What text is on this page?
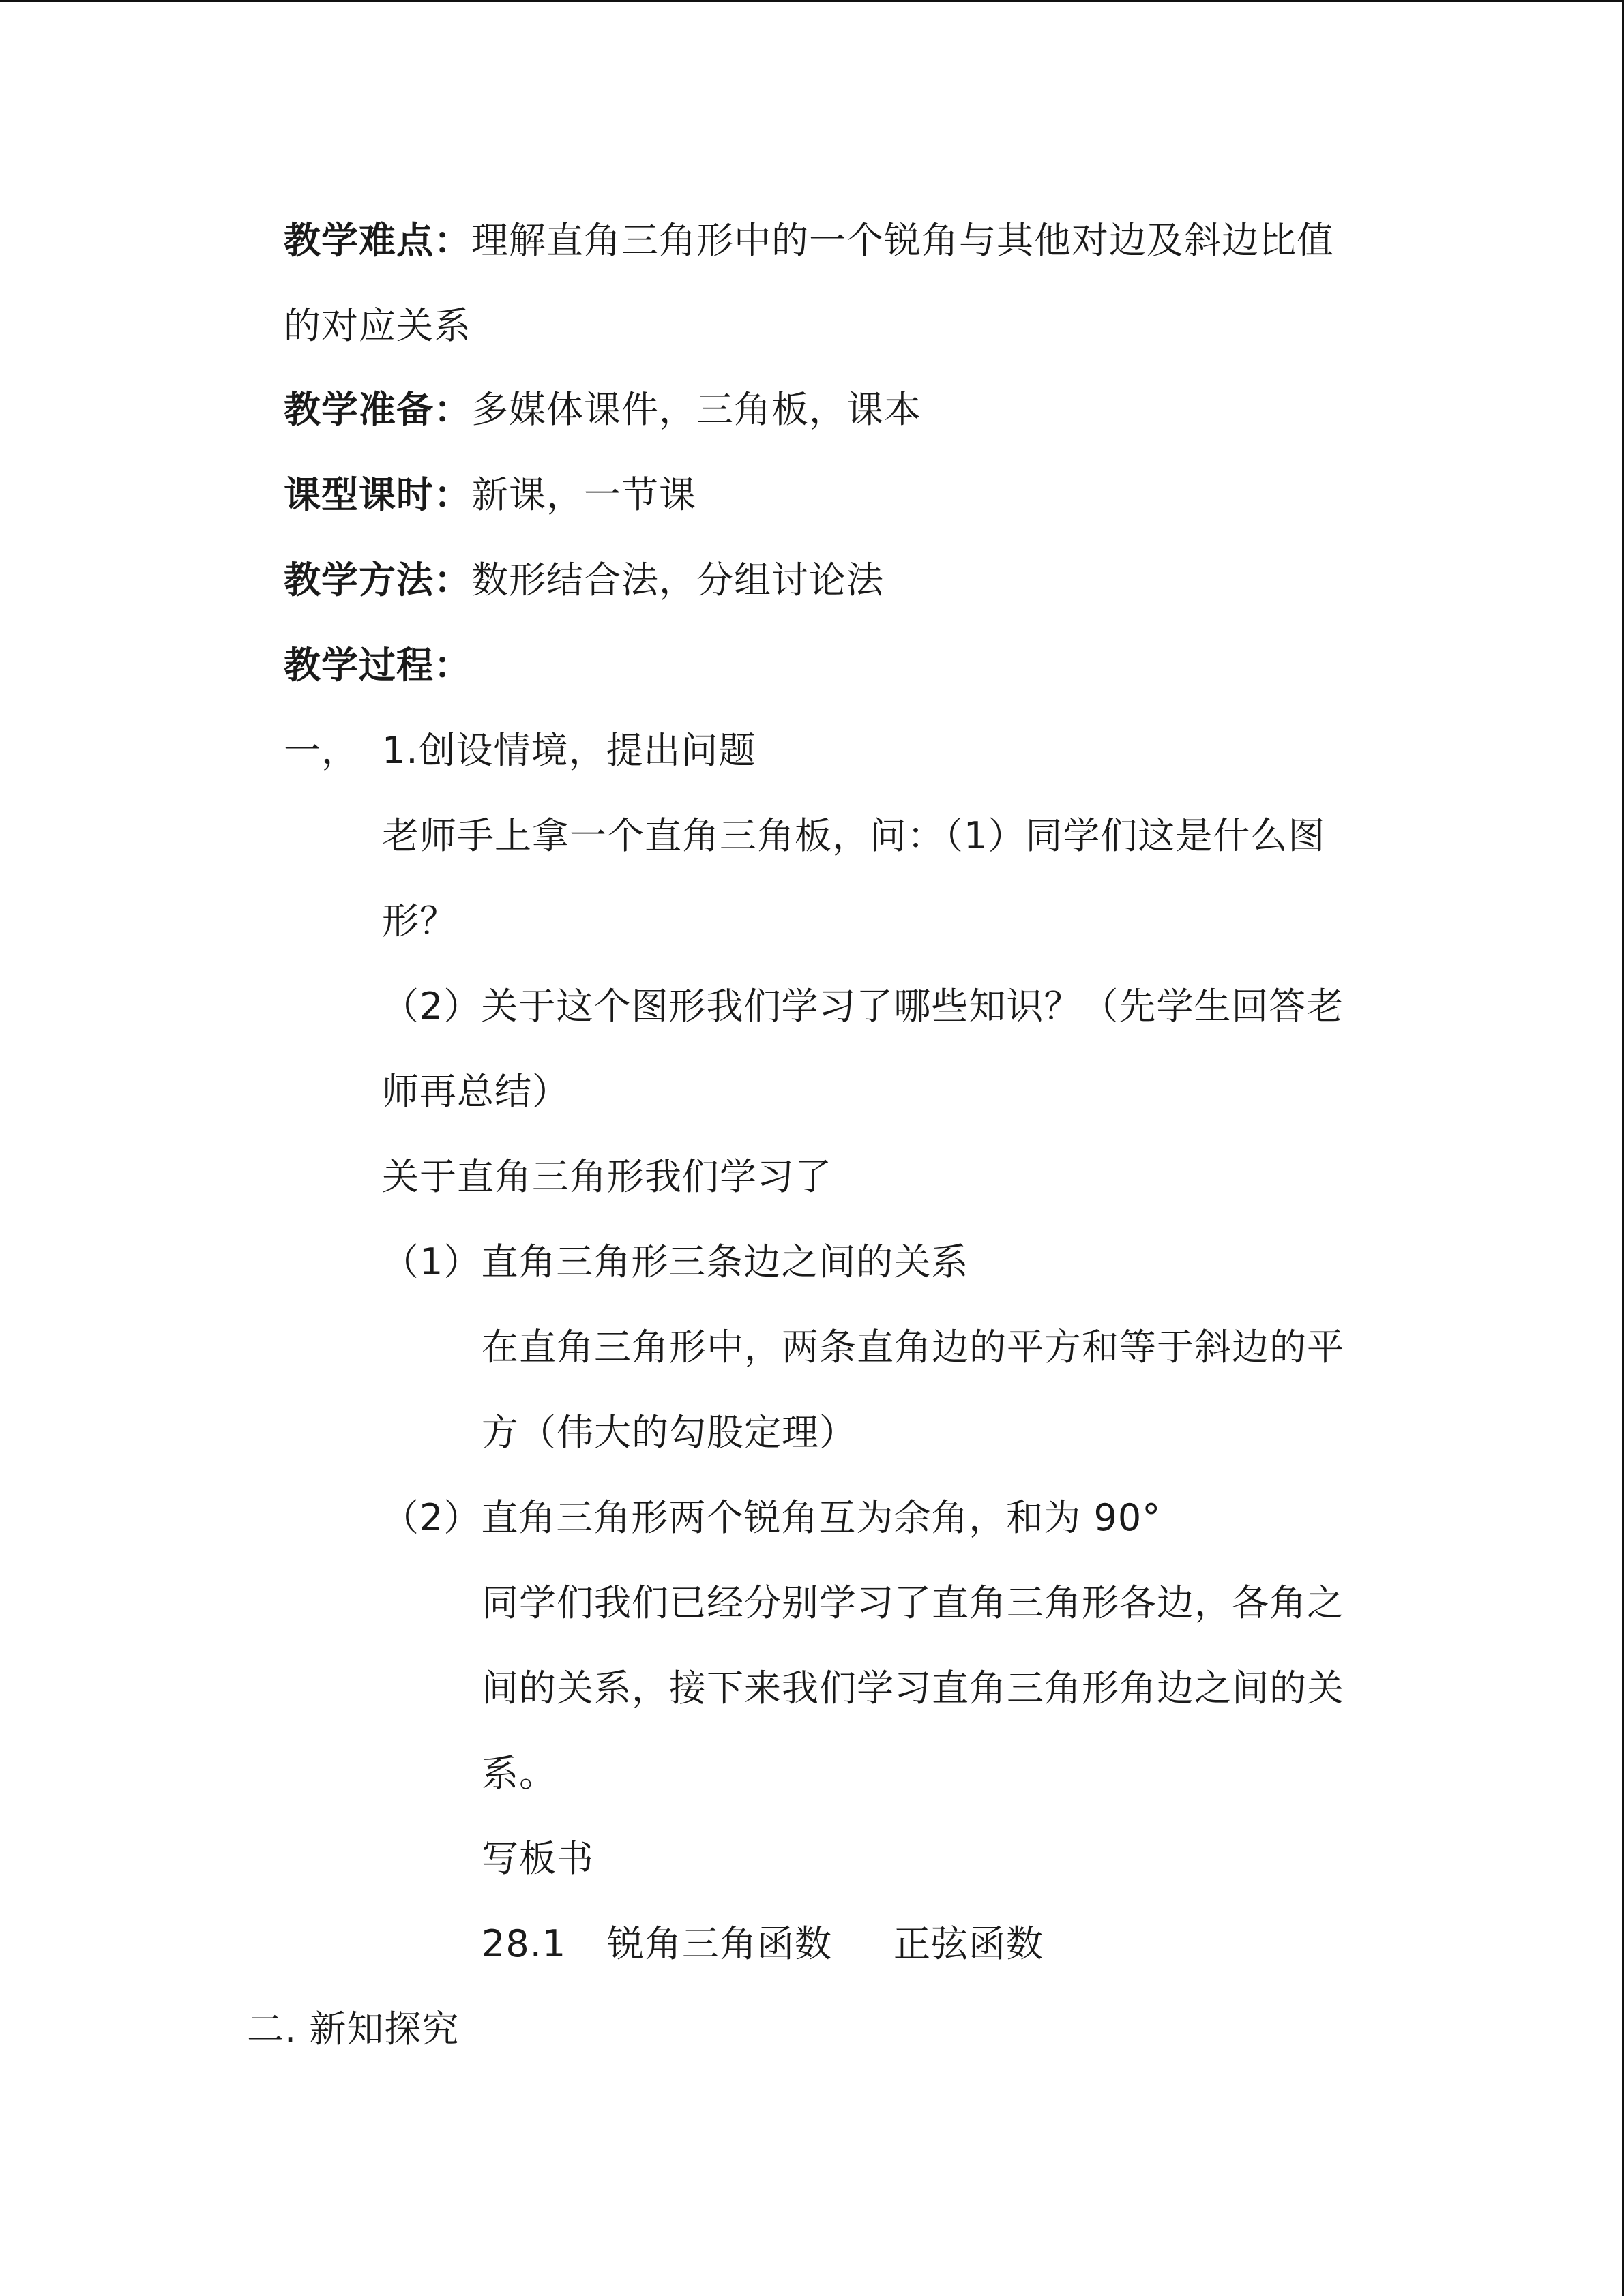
教学难点：理解直角三角形中的一个锐角与其他对边及斜边比值
的对应关系
教学准备：多媒体课件，三角板，课本
课型课时：新课，一节课
教学方法：数形结合法，分组讨论法
教学过程：
一， 1.创设情境，提出问题
老师手上拿一个直角三角板，问：（1）同学们这是什么图
形？
（2）关于这个图形我们学习了哪些知识？（先学生回答老
师再总结）
关于直角三角形我们学习了
（1）直角三角形三条边之间的关系
在直角三角形中，两条直角边的平方和等于斜边的平
方（伟大的勾股定理）
（2）直角三角形两个锐角互为余角，和为 90°
同学们我们已经分别学习了直角三角形各边，各角之
间的关系，接下来我们学习直角三角形角边之间的关
系。
写板书
28.1 锐角三角函数 正弦函数
二. 新知探究
